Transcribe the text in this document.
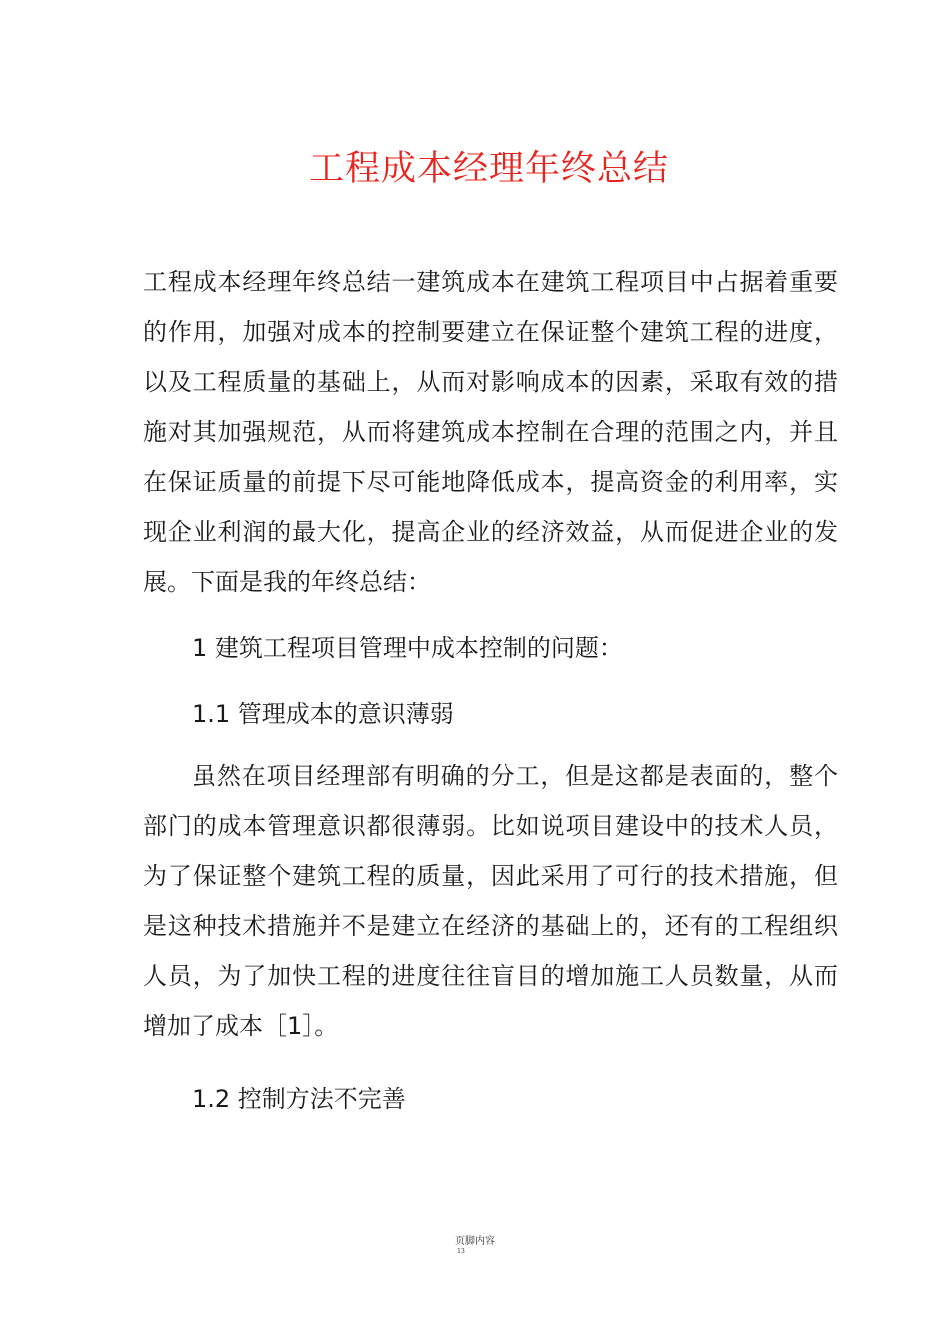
工程成本经理年终总结

工程成本经理年终总结一建筑成本在建筑工程项目中占据着重要的作用，加强对成本的控制要建立在保证整个建筑工程的进度，以及工程质量的基础上，从而对影响成本的因素，采取有效的措施对其加强规范，从而将建筑成本控制在合理的范围之内，并且在保证质量的前提下尽可能地降低成本，提高资金的利用率，实现企业利润的最大化，提高企业的经济效益，从而促进企业的发展。下面是我的年终总结：

1 建筑工程项目管理中成本控制的问题：

1.1 管理成本的意识薄弱

虽然在项目经理部有明确的分工，但是这都是表面的，整个部门的成本管理意识都很薄弱。比如说项目建设中的技术人员，为了保证整个建筑工程的质量，因此采用了可行的技术措施，但是这种技术措施并不是建立在经济的基础上的，还有的工程组织人员，为了加快工程的进度往往盲目的增加施工人员数量，从而增加了成本［1］。

1.2 控制方法不完善

页脚内容
13
